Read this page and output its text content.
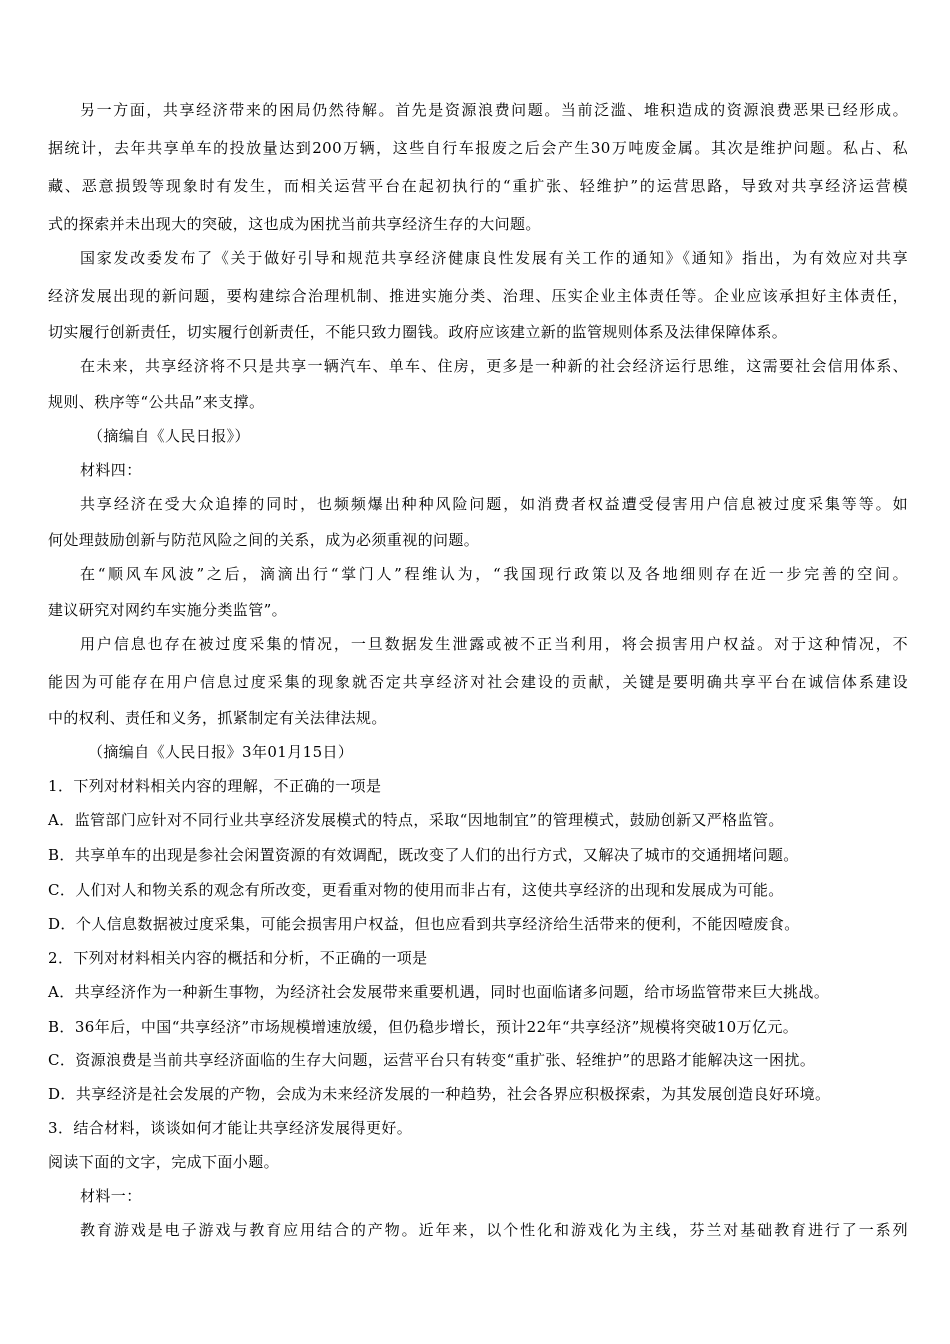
另一方面，共享经济带来的困局仍然待解。首先是资源浪费问题。当前泛滥、堆积造成的资源浪费恶果已经形成。
据统计，去年共享单车的投放量达到200万辆，这些自行车报废之后会产生30万吨废金属。其次是维护问题。私占、私
藏、恶意损毁等现象时有发生，而相关运营平台在起初执行的“重扩张、轻维护”的运营思路，导致对共享经济运营模
式的探索并未出现大的突破，这也成为困扰当前共享经济生存的大问题。
国家发改委发布了《关于做好引导和规范共享经济健康良性发展有关工作的通知》《通知》指出，为有效应对共享
经济发展出现的新问题，要构建综合治理机制、推进实施分类、治理、压实企业主体责任等。企业应该承担好主体责任，
切实履行创新责任，切实履行创新责任，不能只致力圈钱。政府应该建立新的监管规则体系及法律保障体系。
在未来，共享经济将不只是共享一辆汽车、单车、住房，更多是一种新的社会经济运行思维，这需要社会信用体系、
规则、秩序等“公共品”来支撑。
（摘编自《人民日报》）
材料四：
共享经济在受大众追捧的同时，也频频爆出种种风险问题，如消费者权益遭受侵害用户信息被过度采集等等。如
何处理鼓励创新与防范风险之间的关系，成为必须重视的问题。
在“顺风车风波”之后，滴滴出行“掌门人”程维认为，“我国现行政策以及各地细则存在近一步完善的空间。
建议研究对网约车实施分类监管”。
用户信息也存在被过度采集的情况，一旦数据发生泄露或被不正当利用，将会损害用户权益。对于这种情况，不
能因为可能存在用户信息过度采集的现象就否定共享经济对社会建设的贡献，关键是要明确共享平台在诚信体系建设
中的权利、责任和义务，抓紧制定有关法律法规。
（摘编自《人民日报》3年01月15日）
1．下列对材料相关内容的理解，不正确的一项是
A．监管部门应针对不同行业共享经济发展模式的特点，采取“因地制宜”的管理模式，鼓励创新又严格监管。
B．共享单车的出现是参社会闲置资源的有效调配，既改变了人们的出行方式，又解决了城市的交通拥堵问题。
C．人们对人和物关系的观念有所改变，更看重对物的使用而非占有，这使共享经济的出现和发展成为可能。
D．个人信息数据被过度采集，可能会损害用户权益，但也应看到共享经济给生活带来的便利，不能因噎废食。
2．下列对材料相关内容的概括和分析，不正确的一项是
A．共享经济作为一种新生事物，为经济社会发展带来重要机遇，同时也面临诸多问题，给市场监管带来巨大挑战。
B．36年后，中国“共享经济”市场规模增速放缓，但仍稳步增长，预计22年“共享经济”规模将突破10万亿元。
C．资源浪费是当前共享经济面临的生存大问题，运营平台只有转变“重扩张、轻维护”的思路才能解决这一困扰。
D．共享经济是社会发展的产物，会成为未来经济发展的一种趋势，社会各界应积极探索，为其发展创造良好环境。
3．结合材料，谈谈如何才能让共享经济发展得更好。
阅读下面的文字，完成下面小题。
材料一：
教育游戏是电子游戏与教育应用结合的产物。近年来，以个性化和游戏化为主线，芬兰对基础教育进行了一系列
